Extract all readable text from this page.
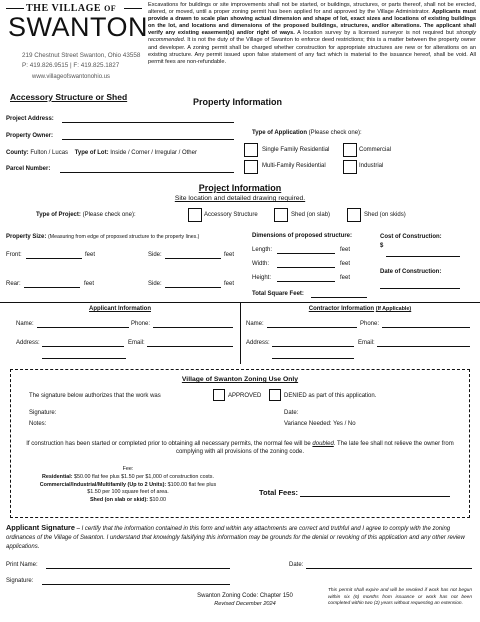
THE VILLAGE OF
SWANTON
219 Chestnut Street Swanton, Ohio 43558
P: 419.826.9515 | F: 419.825.1827
www.villageofswantonohio.us
Excavations for buildings or site improvements shall not be started, or buildings, structures, or parts thereof, shall not be erected, altered, or moved, until a proper zoning permit has been applied for and approved by the Village Administrator. Applicants must provide a drawn to scale plan showing actual dimension and shape of lot, exact sizes and locations of existing buildings on the lot, and locations and dimensions of the proposed buildings, structures, and/or alterations. The applicant shall verify any existing easement(s) and/or right of ways. A location survey by a licensed surveyor is not required but strongly recommended. It is not the duty of the Village of Swanton to enforce deed restrictions; this is a matter between the property owner and developer. A zoning permit shall be charged whether construction for appropriate structures are new or for alterations on an existing structure. Any permit issued upon false statement of any fact which is material to the issuance hereof, shall be void. All permit fees are non-refundable.
Accessory Structure or Shed	Property Information
Project Address:
Property Owner:
County: Fulton / Lucas Type of Lot: Inside / Corner / Irregular / Other
Parcel Number:
Type of Application (Please check one):
Single Family Residential	Commercial
Multi-Family Residential	Industrial
Project Information
Site location and detailed drawing required.
Type of Project: (Please check one):	Accessory Structure	Shed (on slab)	Shed (on skids)
Property Size: (Measuring from edge of proposed structure to the property lines.)
Front:	feet	Side:	feet
Rear:	feet	Side:	feet
Dimensions of proposed structure:
Length:	feet
Width:	feet
Height:	feet
Total Square Feet:
Cost of Construction:
$
Date of Construction:
Applicant Information
Name:	Phone:
Address:	Email:
Contractor Information (If Applicable)
Name:	Phone:
Address:	Email:
Village of Swanton Zoning Use Only
The signature below authorizes that the work was	APPROVED	DENIED as part of this application.
Signature:	Date:
Notes:	Variance Needed: Yes / No
If construction has been started or completed prior to obtaining all necessary permits, the normal fee will be doubled. The late fee shall not relieve the owner from complying with all provisions of the zoning code.
Fee:
Residential: $50.00 flat fee plus $1.50 per $1,000 of construction costs.
Commercial/Industrial/Multifamily (Up to 2 Units): $100.00 flat fee plus
$1.50 per 100 square feet of area.
Shed (on slab or skid): $10.00
Total Fees:
Applicant Signature – I certify that the information contained in this form and within any attachments are correct and truthful and I agree to comply with the zoning ordinances of the Village of Swanton. I understand that knowingly falsifying this information may be grounds for the denial or revoking of this application and any other review applications.
Print Name:	Date:
Signature:
Swanton Zoning Code: Chapter 150
Revised December 2024
This permit shall expire and will be revoked if work has not begun within six (6) months from issuance or work has not been completed within two (2) years without requesting an extension.
